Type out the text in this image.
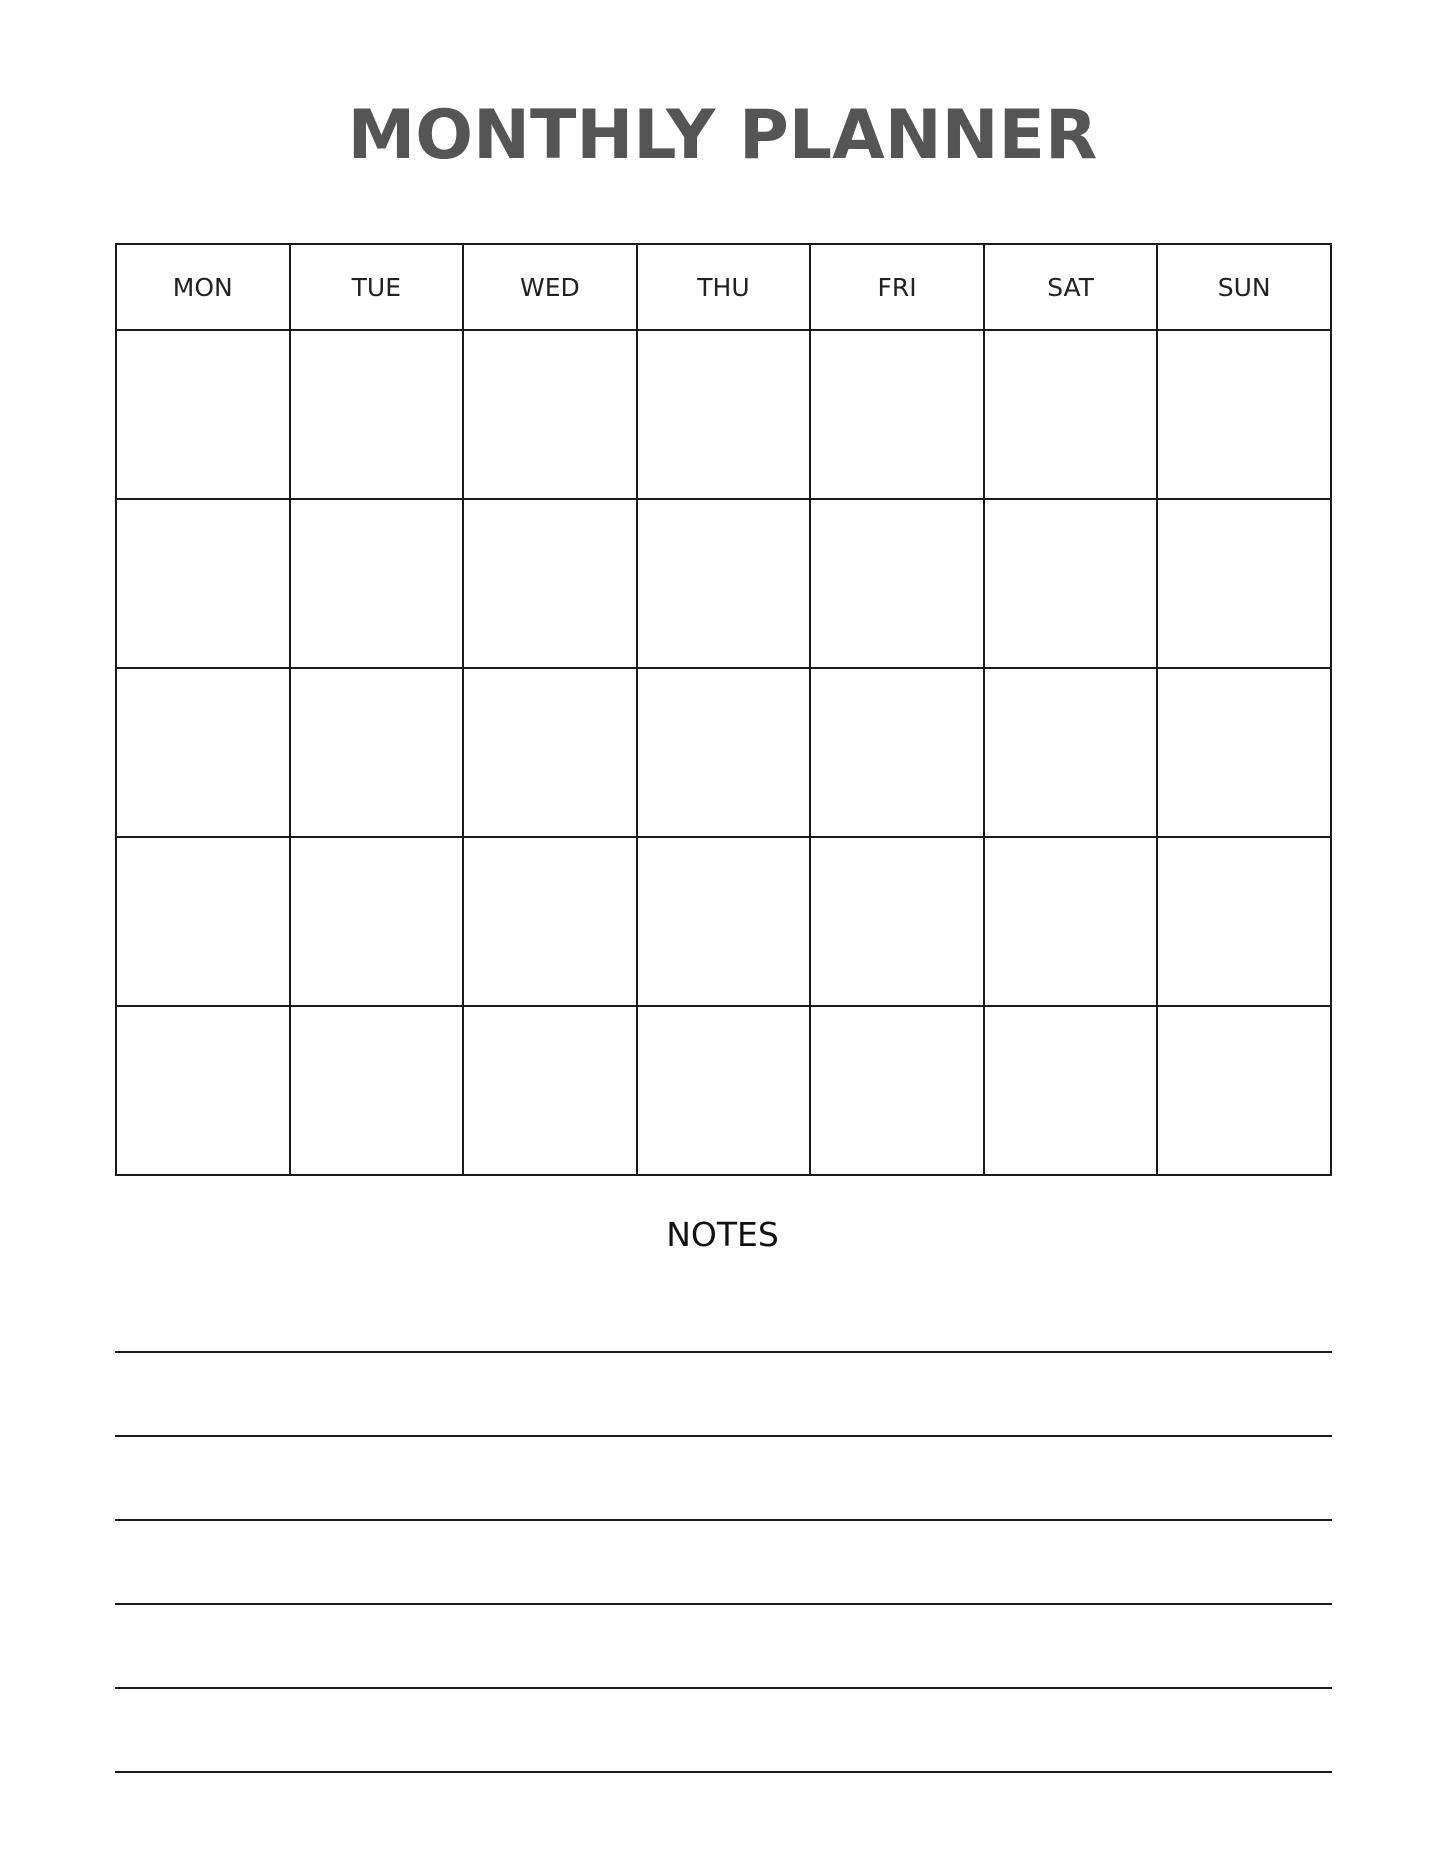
MONTHLY PLANNER
MON	TUE	WED	THU	FRI	SAT	SUN

NOTES
